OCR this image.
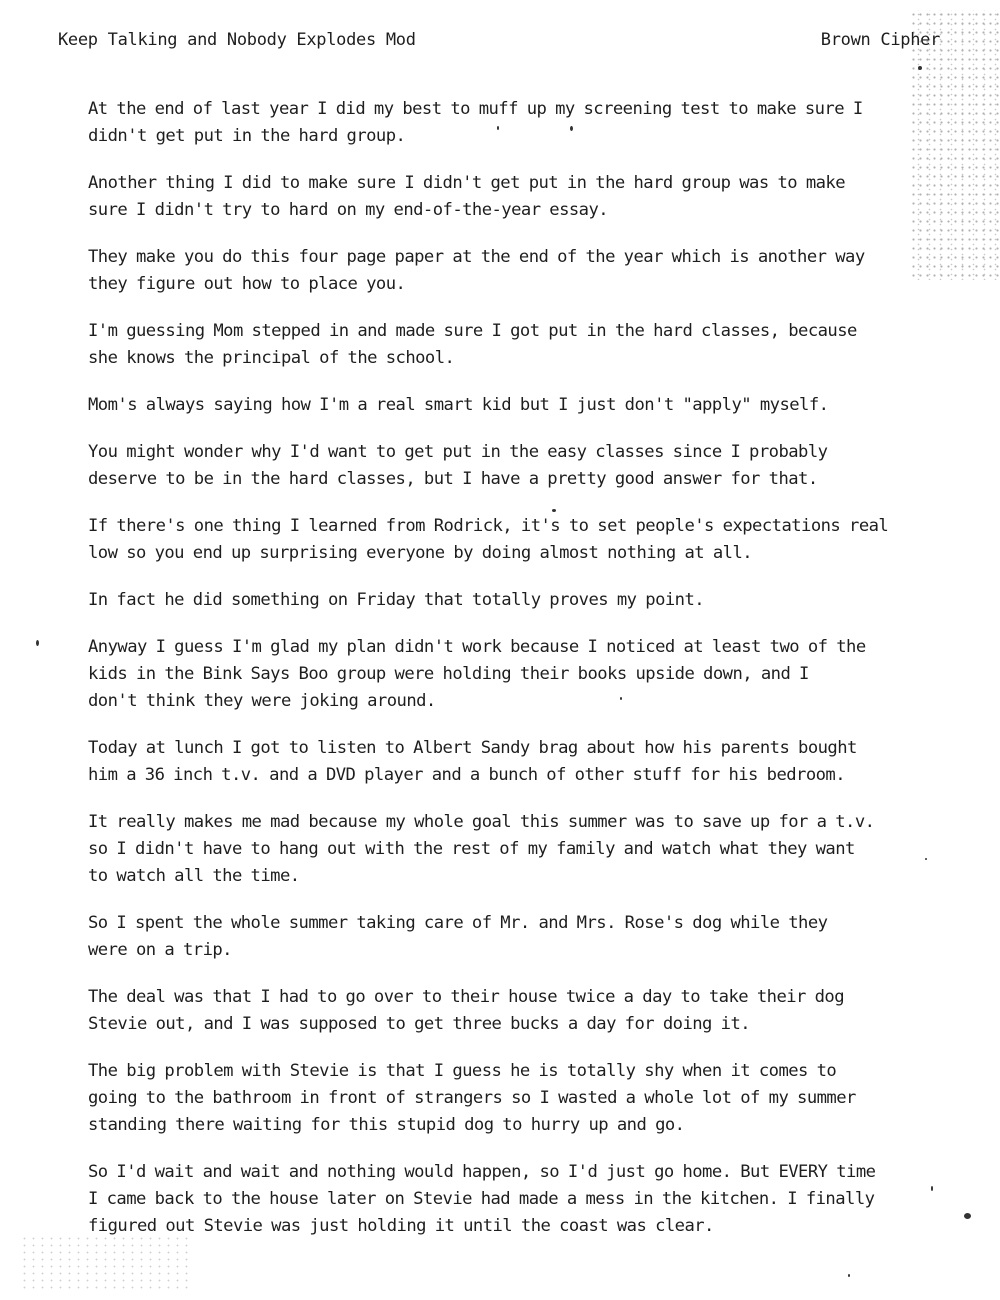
Keep Talking and Nobody Explodes Mod	Brown Cipher

At the end of last year I did my best to muff up my screening test to make sure I
didn't get put in the hard group.

Another thing I did to make sure I didn't get put in the hard group was to make
sure I didn't try to hard on my end-of-the-year essay.

They make you do this four page paper at the end of the year which is another way
they figure out how to place you.

I'm guessing Mom stepped in and made sure I got put in the hard classes, because
she knows the principal of the school.

Mom's always saying how I'm a real smart kid but I just don't "apply" myself.

You might wonder why I'd want to get put in the easy classes since I probably
deserve to be in the hard classes, but I have a pretty good answer for that.

If there's one thing I learned from Rodrick, it's to set people's expectations real
low so you end up surprising everyone by doing almost nothing at all.

In fact he did something on Friday that totally proves my point.

Anyway I guess I'm glad my plan didn't work because I noticed at least two of the
kids in the Bink Says Boo group were holding their books upside down, and I
don't think they were joking around.

Today at lunch I got to listen to Albert Sandy brag about how his parents bought
him a 36 inch t.v. and a DVD player and a bunch of other stuff for his bedroom.

It really makes me mad because my whole goal this summer was to save up for a t.v.
so I didn't have to hang out with the rest of my family and watch what they want
to watch all the time.

So I spent the whole summer taking care of Mr. and Mrs. Rose's dog while they
were on a trip.

The deal was that I had to go over to their house twice a day to take their dog
Stevie out, and I was supposed to get three bucks a day for doing it.

The big problem with Stevie is that I guess he is totally shy when it comes to
going to the bathroom in front of strangers so I wasted a whole lot of my summer
standing there waiting for this stupid dog to hurry up and go.

So I'd wait and wait and nothing would happen, so I'd just go home. But EVERY time
I came back to the house later on Stevie had made a mess in the kitchen. I finally
figured out Stevie was just holding it until the coast was clear.
